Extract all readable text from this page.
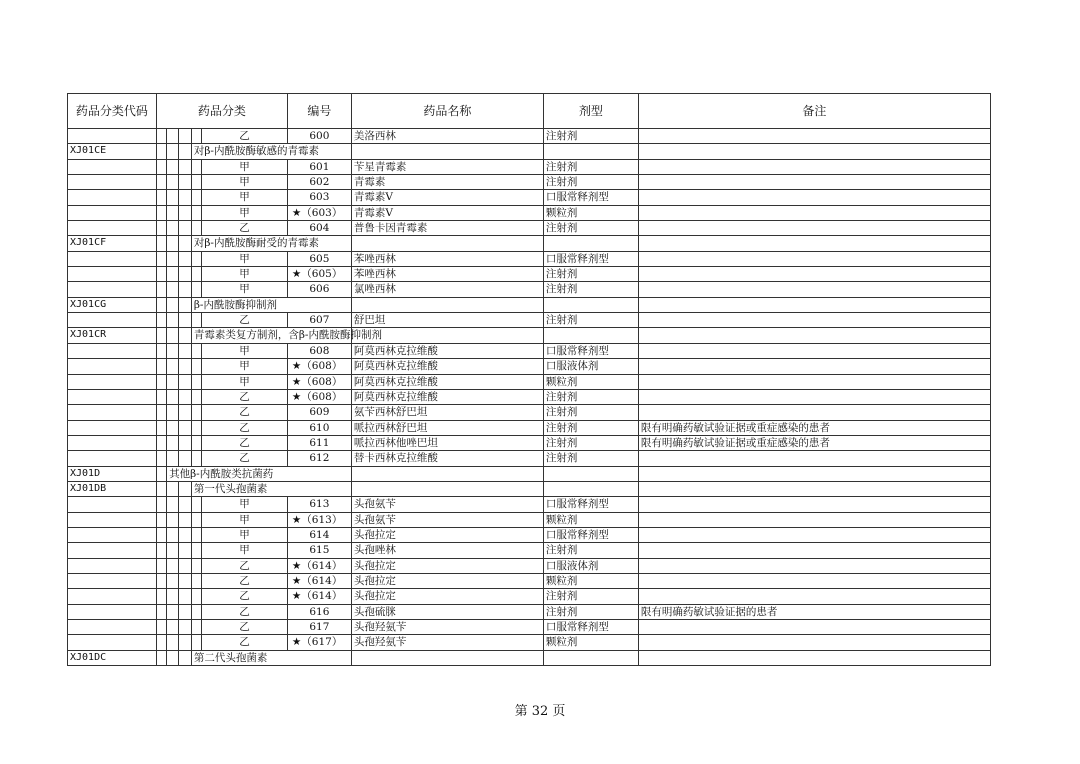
药品分类代码	药品分类					编号	药品名称	剂型	备注
					乙	600	美洛西林	注射剂	
XJ01CE				对β-内酰胺酶敏感的青霉素					
					甲	601	苄星青霉素	注射剂	
					甲	602	青霉素	注射剂	
					甲	603	青霉素V	口服常释剂型	
					甲	★（603）	青霉素V	颗粒剂	
					乙	604	普鲁卡因青霉素	注射剂	
XJ01CF				对β-内酰胺酶耐受的青霉素					
					甲	605	苯唑西林	口服常释剂型	
					甲	★（605）	苯唑西林	注射剂	
					甲	606	氯唑西林	注射剂	
XJ01CG				β-内酰胺酶抑制剂					
					乙	607	舒巴坦	注射剂	
XJ01CR				青霉素类复方制剂，含β-内酰胺酶抑制剂					
					甲	608	阿莫西林克拉维酸	口服常释剂型	
					甲	★（608）	阿莫西林克拉维酸	口服液体剂	
					甲	★（608）	阿莫西林克拉维酸	颗粒剂	
					乙	★（608）	阿莫西林克拉维酸	注射剂	
					乙	609	氨苄西林舒巴坦	注射剂	
					乙	610	哌拉西林舒巴坦	注射剂	限有明确药敏试验证据或重症感染的患者
					乙	611	哌拉西林他唑巴坦	注射剂	限有明确药敏试验证据或重症感染的患者
					乙	612	替卡西林克拉维酸	注射剂	
XJ01D		其他β-内酰胺类抗菌药							
XJ01DB				第一代头孢菌素					
					甲	613	头孢氨苄	口服常释剂型	
					甲	★（613）	头孢氨苄	颗粒剂	
					甲	614	头孢拉定	口服常释剂型	
					甲	615	头孢唑林	注射剂	
					乙	★（614）	头孢拉定	口服液体剂	
					乙	★（614）	头孢拉定	颗粒剂	
					乙	★（614）	头孢拉定	注射剂	
					乙	616	头孢硫脒	注射剂	限有明确药敏试验证据的患者
					乙	617	头孢羟氨苄	口服常释剂型	
					乙	★（617）	头孢羟氨苄	颗粒剂	
XJ01DC				第二代头孢菌素					
第 32 页
